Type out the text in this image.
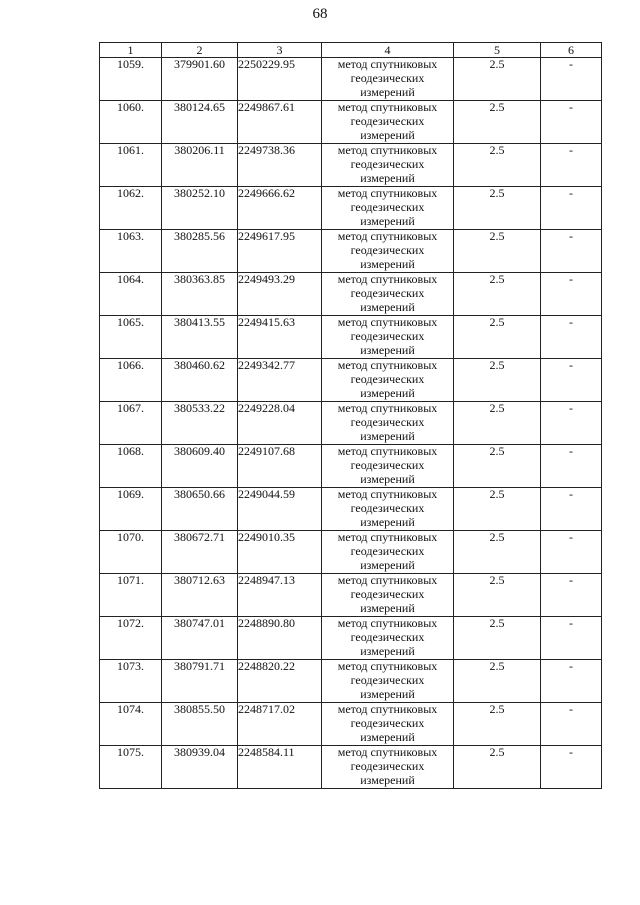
68
1	2	3	4	5	6
1059.	379901.60	2250229.95	метод спутниковых
геодезических
измерений	2.5	-
1060.	380124.65	2249867.61	метод спутниковых
геодезических
измерений	2.5	-
1061.	380206.11	2249738.36	метод спутниковых
геодезических
измерений	2.5	-
1062.	380252.10	2249666.62	метод спутниковых
геодезических
измерений	2.5	-
1063.	380285.56	2249617.95	метод спутниковых
геодезических
измерений	2.5	-
1064.	380363.85	2249493.29	метод спутниковых
геодезических
измерений	2.5	-
1065.	380413.55	2249415.63	метод спутниковых
геодезических
измерений	2.5	-
1066.	380460.62	2249342.77	метод спутниковых
геодезических
измерений	2.5	-
1067.	380533.22	2249228.04	метод спутниковых
геодезических
измерений	2.5	-
1068.	380609.40	2249107.68	метод спутниковых
геодезических
измерений	2.5	-
1069.	380650.66	2249044.59	метод спутниковых
геодезических
измерений	2.5	-
1070.	380672.71	2249010.35	метод спутниковых
геодезических
измерений	2.5	-
1071.	380712.63	2248947.13	метод спутниковых
геодезических
измерений	2.5	-
1072.	380747.01	2248890.80	метод спутниковых
геодезических
измерений	2.5	-
1073.	380791.71	2248820.22	метод спутниковых
геодезических
измерений	2.5	-
1074.	380855.50	2248717.02	метод спутниковых
геодезических
измерений	2.5	-
1075.	380939.04	2248584.11	метод спутниковых
геодезических
измерений	2.5	-
